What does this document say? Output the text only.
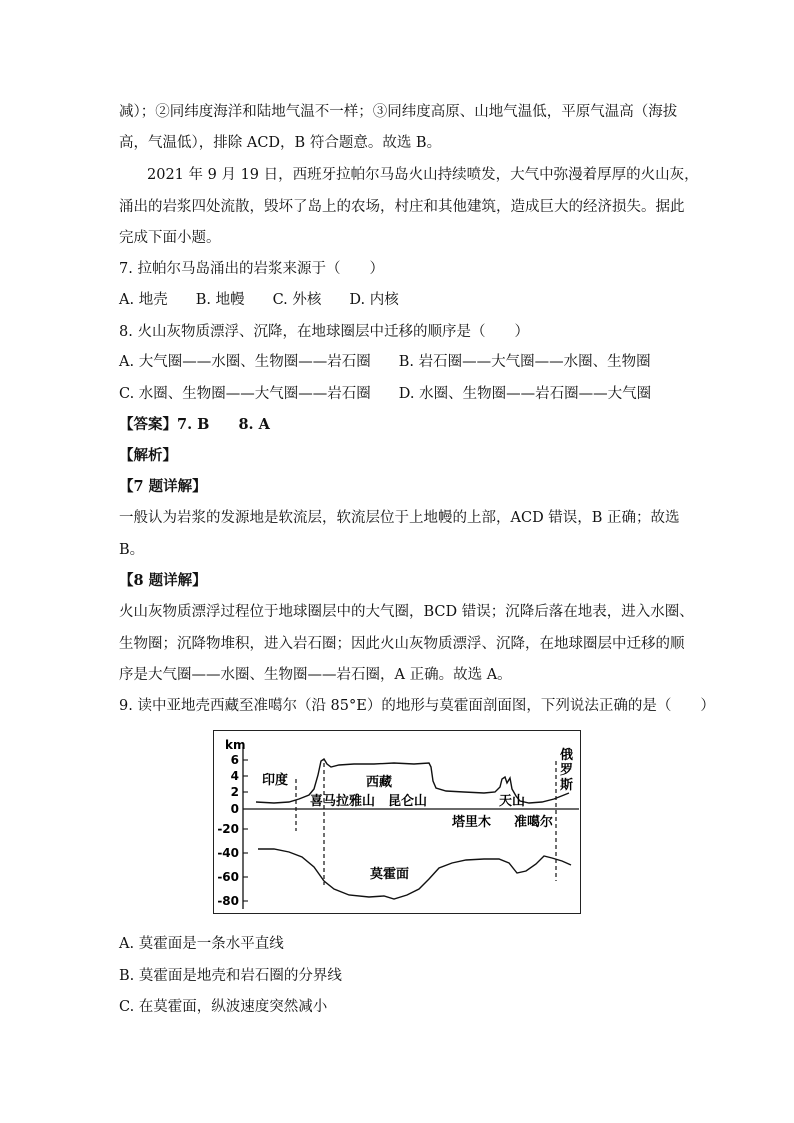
减）；②同纬度海洋和陆地气温不一样；③同纬度高原、山地气温低，平原气温高（海拔
高，气温低），排除 ACD，B 符合题意。故选 B。
2021 年 9 月 19 日，西班牙拉帕尔马岛火山持续喷发，大气中弥漫着厚厚的火山灰，
涌出的岩浆四处流散，毁坏了岛上的农场，村庄和其他建筑，造成巨大的经济损失。据此
完成下面小题。
7. 拉帕尔马岛涌出的岩浆来源于（　　）
A. 地壳 B. 地幔 C. 外核 D. 内核
8. 火山灰物质漂浮、沉降，在地球圈层中迁移的顺序是（　　）
A. 大气圈——水圈、生物圈——岩石圈 B. 岩石圈——大气圈——水圈、生物圈
C. 水圈、生物圈——大气圈——岩石圈 D. 水圈、生物圈——岩石圈——大气圈
【答案】7. B　　8. A
【解析】
【7 题详解】
一般认为岩浆的发源地是软流层，软流层位于上地幔的上部，ACD 错误，B 正确；故选
B。
【8 题详解】
火山灰物质漂浮过程位于地球圈层中的大气圈，BCD 错误；沉降后落在地表，进入水圈、
生物圈；沉降物堆积，进入岩石圈；因此火山灰物质漂浮、沉降，在地球圈层中迁移的顺
序是大气圈——水圈、生物圈——岩石圈，A 正确。故选 A。
9. 读中亚地壳西藏至准噶尔（沿 85°E）的地形与莫霍面剖面图，下列说法正确的是（　　）
km
6
4
2
0
-20
-40
-60
-80
印度	西藏
喜马拉雅山 昆仑山	天山
俄
罗
斯
塔里木 准噶尔
莫霍面
A. 莫霍面是一条水平直线
B. 莫霍面是地壳和岩石圈的分界线
C. 在莫霍面，纵波速度突然减小
